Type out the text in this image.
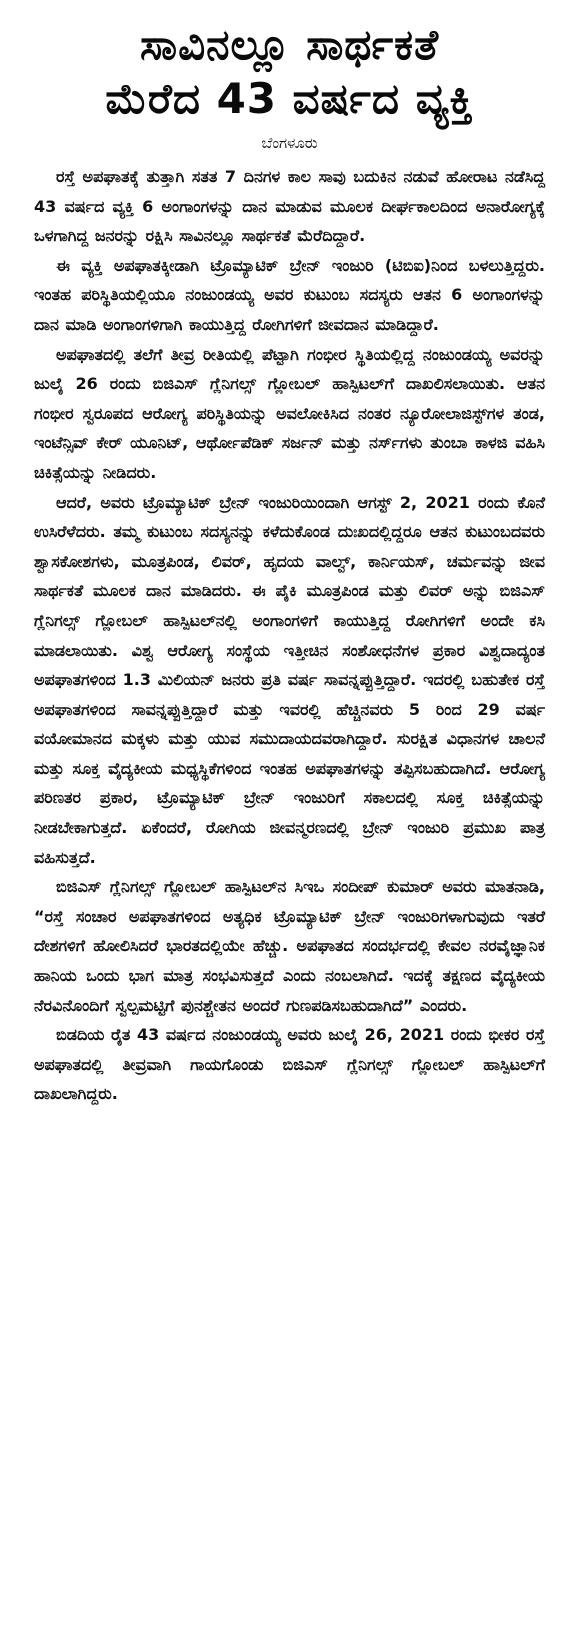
ಸಾವಿನಲ್ಲೂ ಸಾರ್ಥಕತೆ
ಮೆರೆದ 43 ವರ್ಷದ ವ್ಯಕ್ತಿ
ಬೆಂಗಳೂರು

ರಸ್ತೆ ಅಪಘಾತಕ್ಕೆ ತುತ್ತಾಗಿ ಸತತ 7 ದಿನಗಳ ಕಾಲ ಸಾವು ಬದುಕಿನ ನಡುವೆ ಹೋರಾಟ ನಡೆಸಿದ್ದ 43 ವರ್ಷದ ವ್ಯಕ್ತಿ 6 ಅಂಗಾಂಗಳನ್ನು ದಾನ ಮಾಡುವ ಮೂಲಕ ದೀರ್ಘಕಾಲದಿಂದ ಅನಾರೋಗ್ಯಕ್ಕೆ ಒಳಗಾಗಿದ್ದ ಜನರನ್ನು ರಕ್ಷಿಸಿ ಸಾವಿನಲ್ಲೂ ಸಾರ್ಥಕತೆ ಮೆರೆದಿದ್ದಾರೆ.

ಈ ವ್ಯಕ್ತಿ ಅಪಘಾತಕ್ಕೀಡಾಗಿ ಟ್ರೊಮ್ಯಾಟಿಕ್ ಬ್ರೇನ್ ಇಂಜುರಿ (ಟಿಬಿಐ)ನಿಂದ ಬಳಲುತ್ತಿದ್ದರು. ಇಂತಹ ಪರಿಸ್ಥಿತಿಯಲ್ಲಿಯೂ ನಂಜುಂಡಯ್ಯ ಅವರ ಕುಟುಂಬ ಸದಸ್ಯರು ಆತನ 6 ಅಂಗಾಂಗಳನ್ನು ದಾನ ಮಾಡಿ ಅಂಗಾಂಗಳಿಗಾಗಿ ಕಾಯುತ್ತಿದ್ದ ರೋಗಿಗಳಿಗೆ ಜೀವದಾನ ಮಾಡಿದ್ದಾರೆ.

ಅಪಘಾತದಲ್ಲಿ ತಲೆಗೆ ತೀವ್ರ ರೀತಿಯಲ್ಲಿ ಪೆಟ್ಟಾಗಿ ಗಂಭೀರ ಸ್ಥಿತಿಯಲ್ಲಿದ್ದ ನಂಜುಂಡಯ್ಯ ಅವರನ್ನು ಜುಲೈ 26 ರಂದು ಬಿಜಿಎಸ್ ಗ್ಲೆನಿಗಲ್ಸ್ ಗ್ಲೋಬಲ್ ಹಾಸ್ಪಿಟಲ್‌ಗೆ ದಾಖಲಿಸಲಾಯಿತು. ಆತನ ಗಂಭೀರ ಸ್ವರೂಪದ ಆರೋಗ್ಯ ಪರಿಸ್ಥಿತಿಯನ್ನು ಅವಲೋಕಿಸಿದ ನಂತರ ನ್ಯೂರೋಲಾಜಿಸ್ಟ್‌ಗಳ ತಂಡ, ಇಂಟೆನ್ಸಿವ್ ಕೇರ್ ಯೂನಿಟ್, ಆರ್ಥೋಪೆಡಿಕ್ ಸರ್ಜನ್ ಮತ್ತು ನರ್ಸ್‌ಗಳು ತುಂಬಾ ಕಾಳಜಿ ವಹಿಸಿ ಚಿಕಿತ್ಸೆಯನ್ನು ನೀಡಿದರು.

ಆದರೆ, ಅವರು ಟ್ರೊಮ್ಯಾಟಿಕ್ ಬ್ರೇನ್ ಇಂಜುರಿಯಿಂದಾಗಿ ಆಗಸ್ಟ್ 2, 2021 ರಂದು ಕೊನೆ ಉಸಿರೆಳೆದರು. ತಮ್ಮ ಕುಟುಂಬ ಸದಸ್ಯನನ್ನು ಕಳೆದುಕೊಂಡ ದುಃಖದಲ್ಲಿದ್ದರೂ ಆತನ ಕುಟುಂಬದವರು ಶ್ವಾಸಕೋಶಗಳು, ಮೂತ್ರಪಿಂಡ, ಲಿವರ್, ಹೃದಯ ವಾಲ್ವ್, ಕಾರ್ನಿಯಸ್, ಚರ್ಮವನ್ನು ಜೀವ ಸಾರ್ಥಕತೆ ಮೂಲಕ ದಾನ ಮಾಡಿದರು. ಈ ಪೈಕಿ ಮೂತ್ರಪಿಂಡ ಮತ್ತು ಲಿವರ್ ಅನ್ನು ಬಿಜಿಎಸ್ ಗ್ಲೆನಿಗಲ್ಸ್ ಗ್ಲೋಬಲ್ ಹಾಸ್ಪಿಟಲ್‌ನಲ್ಲಿ ಅಂಗಾಂಗಳಿಗೆ ಕಾಯುತ್ತಿದ್ದ ರೋಗಿಗಳಿಗೆ ಅಂದೇ ಕಸಿ ಮಾಡಲಾಯಿತು. ವಿಶ್ವ ಆರೋಗ್ಯ ಸಂಸ್ಥೆಯ ಇತ್ತೀಚಿನ ಸಂಶೋಧನೆಗಳ ಪ್ರಕಾರ ವಿಶ್ವದಾದ್ಯಂತ ಅಪಘಾತಗಳಿಂದ 1.3 ಮಿಲಿಯನ್ ಜನರು ಪ್ರತಿ ವರ್ಷ ಸಾವನ್ನಪ್ಪುತ್ತಿದ್ದಾರೆ. ಇದರಲ್ಲಿ ಬಹುತೇಕ ರಸ್ತೆ ಅಪಘಾತಗಳಿಂದ ಸಾವನ್ನಪ್ಪುತ್ತಿದ್ದಾರೆ ಮತ್ತು ಇವರಲ್ಲಿ ಹೆಚ್ಚಿನವರು 5 ರಿಂದ 29 ವರ್ಷ ವಯೋಮಾನದ ಮಕ್ಕಳು ಮತ್ತು ಯುವ ಸಮುದಾಯದವರಾಗಿದ್ದಾರೆ. ಸುರಕ್ಷಿತ ವಿಧಾನಗಳ ಚಾಲನೆ ಮತ್ತು ಸೂಕ್ತ ವೈದ್ಯಕೀಯ ಮಧ್ಯಸ್ಥಿಕೆಗಳಿಂದ ಇಂತಹ ಅಪಘಾತಗಳನ್ನು ತಪ್ಪಿಸಬಹುದಾಗಿದೆ. ಆರೋಗ್ಯ ಪರಿಣತರ ಪ್ರಕಾರ, ಟ್ರೊಮ್ಯಾಟಿಕ್ ಬ್ರೇನ್ ಇಂಜುರಿಗೆ ಸಕಾಲದಲ್ಲಿ ಸೂಕ್ತ ಚಿಕಿತ್ಸೆಯನ್ನು ನೀಡಬೇಕಾಗುತ್ತದೆ. ಏಕೆಂದರೆ, ರೋಗಿಯ ಜೀವನ್ಮರಣದಲ್ಲಿ ಬ್ರೇನ್ ಇಂಜುರಿ ಪ್ರಮುಖ ಪಾತ್ರ ವಹಿಸುತ್ತದೆ.

ಬಿಜಿಎಸ್ ಗ್ಲೆನಿಗಲ್ಸ್ ಗ್ಲೋಬಲ್ ಹಾಸ್ಪಿಟಲ್‌ನ ಸಿಇಒ ಸಂದೀಪ್ ಕುಮಾರ್ ಅವರು ಮಾತನಾಡಿ, “ರಸ್ತೆ ಸಂಚಾರ ಅಪಘಾತಗಳಿಂದ ಅತ್ಯಧಿಕ ಟ್ರೊಮ್ಯಾಟಿಕ್ ಬ್ರೇನ್ ಇಂಜುರಿಗಳಾಗುವುದು ಇತರೆ ದೇಶಗಳಿಗೆ ಹೋಲಿಸಿದರೆ ಭಾರತದಲ್ಲಿಯೇ ಹೆಚ್ಚು. ಅಪಘಾತದ ಸಂದರ್ಭದಲ್ಲಿ ಕೇವಲ ನರವೈಜ್ಞಾನಿಕ ಹಾನಿಯ ಒಂದು ಭಾಗ ಮಾತ್ರ ಸಂಭವಿಸುತ್ತದೆ ಎಂದು ನಂಬಲಾಗಿದೆ. ಇದಕ್ಕೆ ತಕ್ಷಣದ ವೈದ್ಯಕೀಯ ನೆರವಿನೊಂದಿಗೆ ಸ್ವಲ್ಪಮಟ್ಟಿಗೆ ಪುನಶ್ಚೇತನ ಅಂದರೆ ಗುಣಪಡಿಸಬಹುದಾಗಿದೆ” ಎಂದರು.

ಬಿಡದಿಯ ರೈತ 43 ವರ್ಷದ ನಂಜುಂಡಯ್ಯ ಅವರು ಜುಲೈ 26, 2021 ರಂದು ಭೀಕರ ರಸ್ತೆ ಅಪಘಾತದಲ್ಲಿ ತೀವ್ರವಾಗಿ ಗಾಯಗೊಂಡು ಬಿಜಿಎಸ್ ಗ್ಲೆನಿಗಲ್ಸ್ ಗ್ಲೋಬಲ್ ಹಾಸ್ಪಿಟಲ್‌ಗೆ ದಾಖಲಾಗಿದ್ದರು.
